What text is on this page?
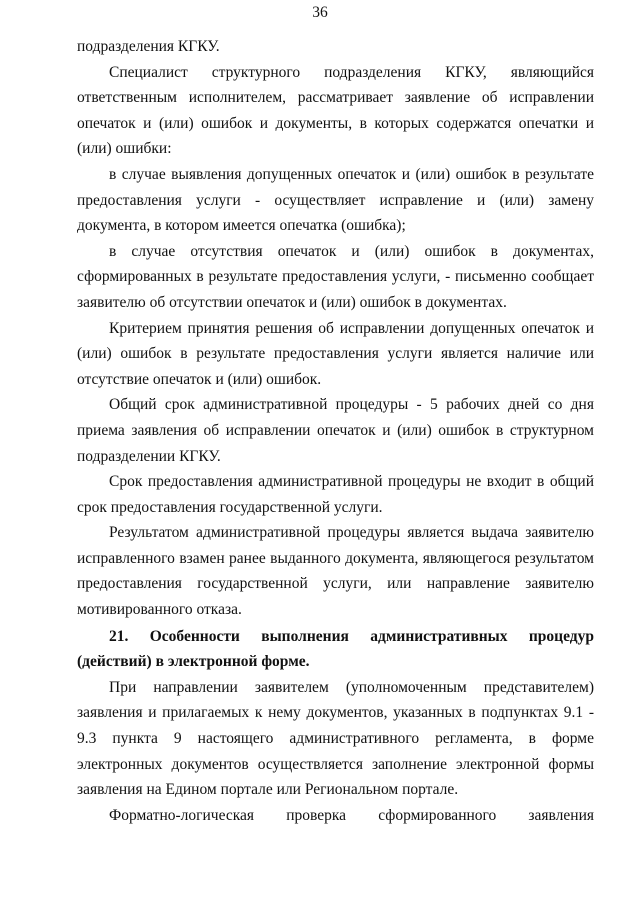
36

подразделения КГКУ.

Специалист структурного подразделения КГКУ, являющийся ответственным исполнителем, рассматривает заявление об исправлении опечаток и (или) ошибок и документы, в которых содержатся опечатки и (или) ошибки:

в случае выявления допущенных опечаток и (или) ошибок в результате предоставления услуги - осуществляет исправление и (или) замену документа, в котором имеется опечатка (ошибка);

в случае отсутствия опечаток и (или) ошибок в документах, сформированных в результате предоставления услуги, - письменно сообщает заявителю об отсутствии опечаток и (или) ошибок в документах.

Критерием принятия решения об исправлении допущенных опечаток и (или) ошибок в результате предоставления услуги является наличие или отсутствие опечаток и (или) ошибок.

Общий срок административной процедуры - 5 рабочих дней со дня приема заявления об исправлении опечаток и (или) ошибок в структурном подразделении КГКУ.

Срок предоставления административной процедуры не входит в общий срок предоставления государственной услуги.

Результатом административной процедуры является выдача заявителю исправленного взамен ранее выданного документа, являющегося результатом предоставления государственной услуги, или направление заявителю мотивированного отказа.

21. Особенности выполнения административных процедур (действий) в электронной форме.

При направлении заявителем (уполномоченным представителем) заявления и прилагаемых к нему документов, указанных в подпунктах 9.1 - 9.3 пункта 9 настоящего административного регламента, в форме электронных документов осуществляется заполнение электронной формы заявления на Едином портале или Региональном портале.

Форматно-логическая проверка сформированного заявления
